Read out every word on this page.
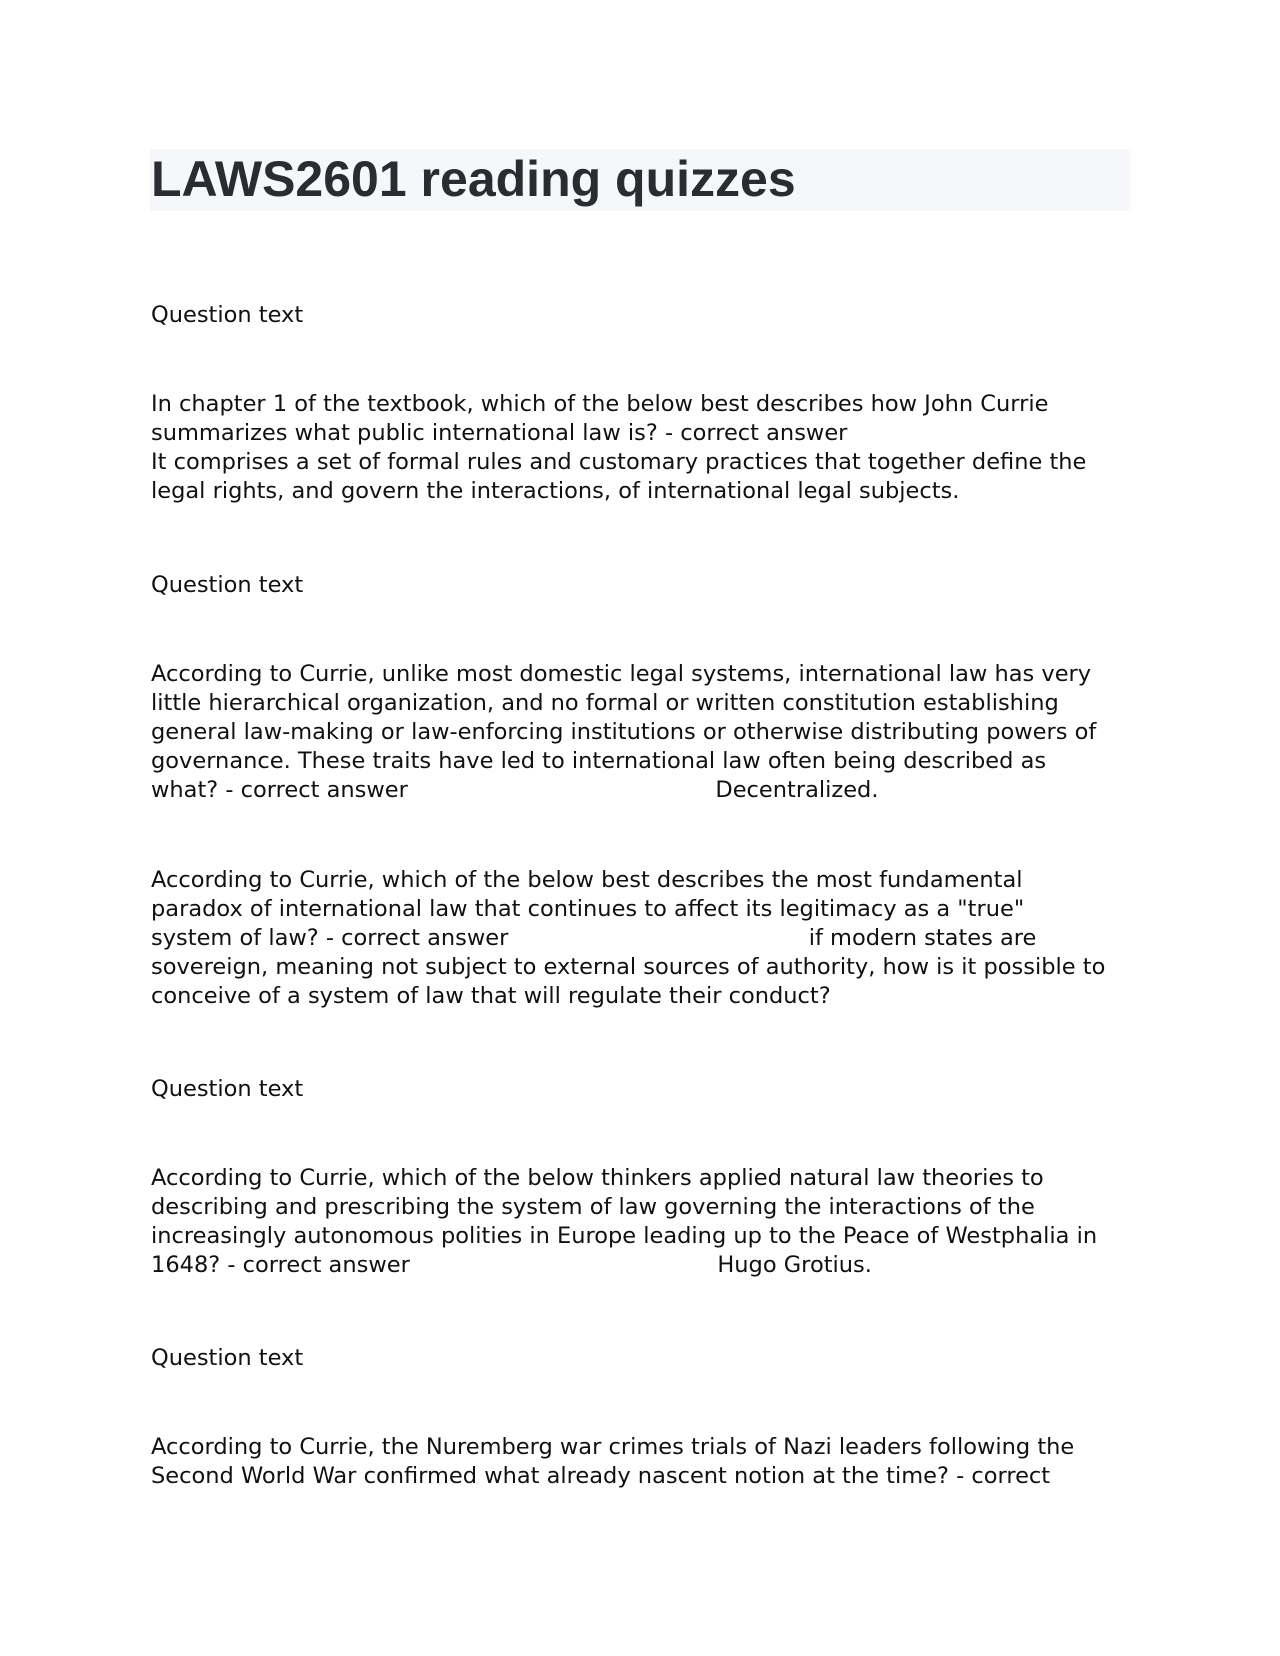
LAWS2601 reading quizzes
Question text
In chapter 1 of the textbook, which of the below best describes how John Currie
summarizes what public international law is? - correct answer
It comprises a set of formal rules and customary practices that together define the
legal rights, and govern the interactions, of international legal subjects.
Question text
According to Currie, unlike most domestic legal systems, international law has very
little hierarchical organization, and no formal or written constitution establishing
general law-making or law-enforcing institutions or otherwise distributing powers of
governance. These traits have led to international law often being described as
what? - correct answer                                           Decentralized.
According to Currie, which of the below best describes the most fundamental
paradox of international law that continues to affect its legitimacy as a "true"
system of law? - correct answer                                          if modern states are
sovereign, meaning not subject to external sources of authority, how is it possible to
conceive of a system of law that will regulate their conduct?
Question text
According to Currie, which of the below thinkers applied natural law theories to
describing and prescribing the system of law governing the interactions of the
increasingly autonomous polities in Europe leading up to the Peace of Westphalia in
1648? - correct answer                                           Hugo Grotius.
Question text
According to Currie, the Nuremberg war crimes trials of Nazi leaders following the
Second World War confirmed what already nascent notion at the time? - correct
